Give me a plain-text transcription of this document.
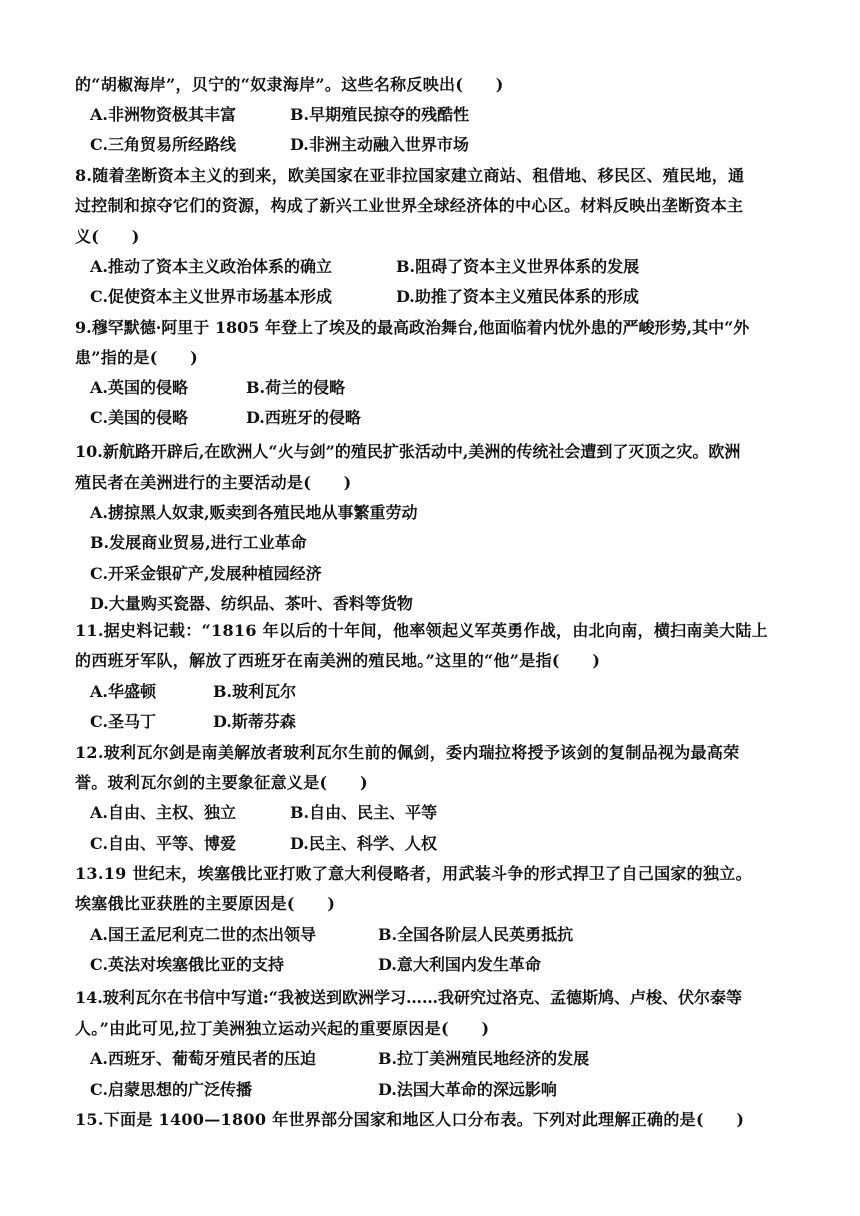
的“胡椒海岸”，贝宁的“奴隶海岸”。这些名称反映出(　　)
A.非洲物资极其丰富	B.早期殖民掠夺的残酷性
C.三角贸易所经路线	D.非洲主动融入世界市场
8.随着垄断资本主义的到来，欧美国家在亚非拉国家建立商站、租借地、移民区、殖民地，通
过控制和掠夺它们的资源，构成了新兴工业世界全球经济体的中心区。材料反映出垄断资本主
义(　　)
A.推动了资本主义政治体系的确立	B.阻碍了资本主义世界体系的发展
C.促使资本主义世界市场基本形成	D.助推了资本主义殖民体系的形成
9.穆罕默德·阿里于 1805 年登上了埃及的最高政治舞台,他面临着内忧外患的严峻形势,其中“外
患”指的是(　　)
A.英国的侵略	B.荷兰的侵略
C.美国的侵略	D.西班牙的侵略
10.新航路开辟后,在欧洲人“火与剑”的殖民扩张活动中,美洲的传统社会遭到了灭顶之灾。欧洲
殖民者在美洲进行的主要活动是(　　)
A.掳掠黑人奴隶,贩卖到各殖民地从事繁重劳动
B.发展商业贸易,进行工业革命
C.开采金银矿产,发展种植园经济
D.大量购买瓷器、纺织品、茶叶、香料等货物
11.据史料记载：“1816 年以后的十年间，他率领起义军英勇作战，由北向南，横扫南美大陆上
的西班牙军队，解放了西班牙在南美洲的殖民地。”这里的“他”是指(　　)
A.华盛顿	B.玻利瓦尔
C.圣马丁	D.斯蒂芬森
12.玻利瓦尔剑是南美解放者玻利瓦尔生前的佩剑，委内瑞拉将授予该剑的复制品视为最高荣
誉。玻利瓦尔剑的主要象征意义是(　　)
A.自由、主权、独立	B.自由、民主、平等
C.自由、平等、博爱	D.民主、科学、人权
13.19 世纪末，埃塞俄比亚打败了意大利侵略者，用武装斗争的形式捍卫了自己国家的独立。
埃塞俄比亚获胜的主要原因是(　　)
A.国王孟尼利克二世的杰出领导	B.全国各阶层人民英勇抵抗
C.英法对埃塞俄比亚的支持	D.意大利国内发生革命
14.玻利瓦尔在书信中写道:“我被送到欧洲学习……我研究过洛克、孟德斯鸠、卢梭、伏尔泰等
人。”由此可见,拉丁美洲独立运动兴起的重要原因是(　　)
A.西班牙、葡萄牙殖民者的压迫	B.拉丁美洲殖民地经济的发展
C.启蒙思想的广泛传播	D.法国大革命的深远影响
15.下面是 1400—1800 年世界部分国家和地区人口分布表。下列对此理解正确的是(　　)
